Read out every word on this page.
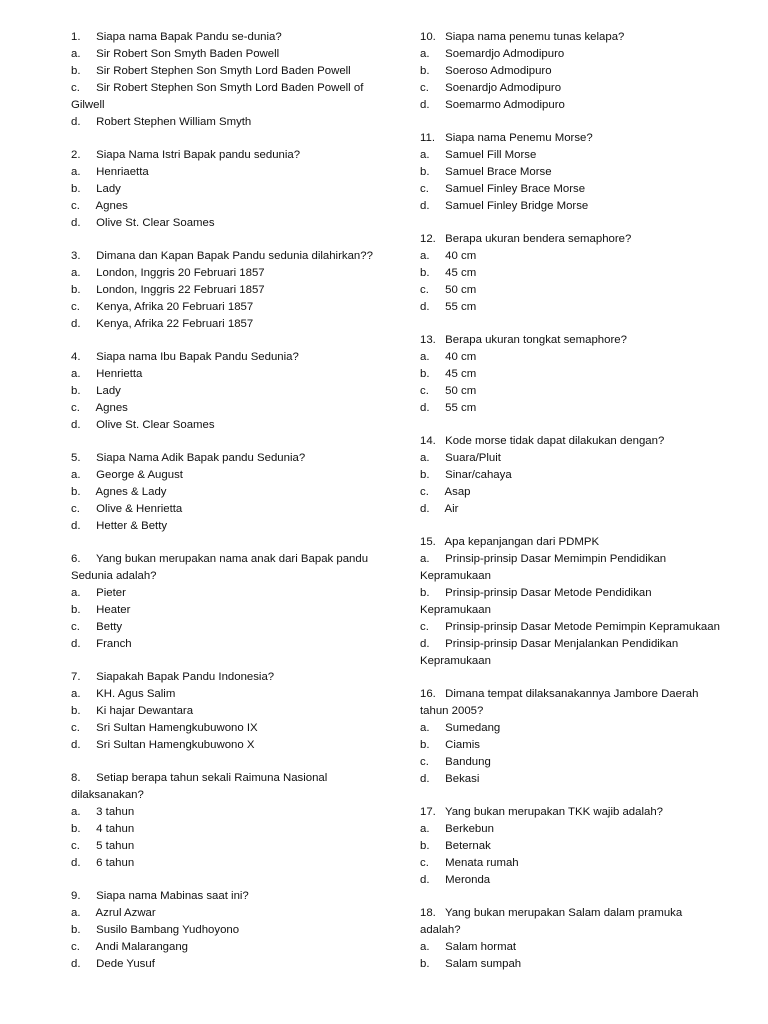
1. Siapa nama Bapak Pandu se-dunia?
a. Sir Robert Son Smyth Baden Powell
b. Sir Robert Stephen Son Smyth Lord Baden Powell
c. Sir Robert Stephen Son Smyth Lord Baden Powell of Gilwell
d. Robert Stephen William Smyth
2. Siapa Nama Istri Bapak pandu sedunia?
a. Henriaetta
b. Lady
c. Agnes
d. Olive St. Clear Soames
3. Dimana dan Kapan Bapak Pandu sedunia dilahirkan??
a. London, Inggris 20 Februari 1857
b. London, Inggris 22 Februari 1857
c. Kenya, Afrika 20 Februari 1857
d. Kenya, Afrika 22 Februari 1857
4. Siapa nama Ibu Bapak Pandu Sedunia?
a. Henrietta
b. Lady
c. Agnes
d. Olive St. Clear Soames
5. Siapa Nama Adik Bapak pandu Sedunia?
a. George & August
b. Agnes & Lady
c. Olive & Henrietta
d. Hetter & Betty
6. Yang bukan merupakan nama anak dari Bapak pandu Sedunia adalah?
a. Pieter
b. Heater
c. Betty
d. Franch
7. Siapakah Bapak Pandu Indonesia?
a. KH. Agus Salim
b. Ki hajar Dewantara
c. Sri Sultan Hamengkubuwono IX
d. Sri Sultan Hamengkubuwono X
8. Setiap berapa tahun sekali Raimuna Nasional dilaksanakan?
a. 3 tahun
b. 4 tahun
c. 5 tahun
d. 6 tahun
9. Siapa nama Mabinas saat ini?
a. Azrul Azwar
b. Susilo Bambang Yudhoyono
c. Andi Malarangang
d. Dede Yusuf
10. Siapa nama penemu tunas kelapa?
a. Soemardjo Admodipuro
b. Soeroso Admodipuro
c. Soenardjo Admodipuro
d. Soemarmo Admodipuro
11. Siapa nama Penemu Morse?
a. Samuel Fill Morse
b. Samuel Brace Morse
c. Samuel Finley Brace Morse
d. Samuel Finley Bridge Morse
12. Berapa ukuran bendera semaphore?
a. 40 cm
b. 45 cm
c. 50 cm
d. 55 cm
13. Berapa ukuran tongkat semaphore?
a. 40 cm
b. 45 cm
c. 50 cm
d. 55 cm
14. Kode morse tidak dapat dilakukan dengan?
a. Suara/Pluit
b. Sinar/cahaya
c. Asap
d. Air
15. Apa kepanjangan dari PDMPK
a. Prinsip-prinsip Dasar Memimpin Pendidikan Kepramukaan
b. Prinsip-prinsip Dasar Metode Pendidikan Kepramukaan
c. Prinsip-prinsip Dasar Metode Pemimpin Kepramukaan
d. Prinsip-prinsip Dasar Menjalankan Pendidikan Kepramukaan
16. Dimana tempat dilaksanakannya Jambore Daerah tahun 2005?
a. Sumedang
b. Ciamis
c. Bandung
d. Bekasi
17. Yang bukan merupakan TKK wajib adalah?
a. Berkebun
b. Beternak
c. Menata rumah
d. Meronda
18. Yang bukan merupakan Salam dalam pramuka adalah?
a. Salam hormat
b. Salam sumpah
